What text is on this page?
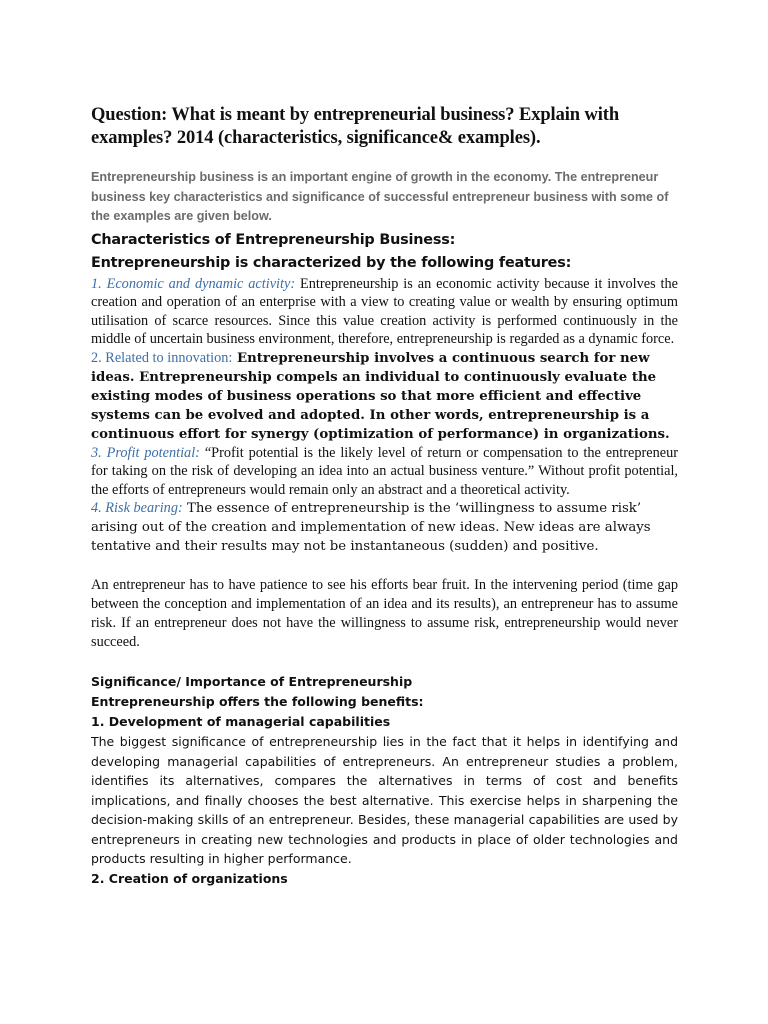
Question: What is meant by entrepreneurial business? Explain with examples? 2014 (characteristics, significance& examples).

Entrepreneurship business is an important engine of growth in the economy. The entrepreneur business key characteristics and significance of successful entrepreneur business with some of the examples are given below.

Characteristics of Entrepreneurship Business:

Entrepreneurship is characterized by the following features:

1. Economic and dynamic activity: Entrepreneurship is an economic activity because it involves the creation and operation of an enterprise with a view to creating value or wealth by ensuring optimum utilisation of scarce resources. Since this value creation activity is performed continuously in the middle of uncertain business environment, therefore, entrepreneurship is regarded as a dynamic force.

2. Related to innovation: Entrepreneurship involves a continuous search for new ideas. Entrepreneurship compels an individual to continuously evaluate the existing modes of business operations so that more efficient and effective systems can be evolved and adopted. In other words, entrepreneurship is a continuous effort for synergy (optimization of performance) in organizations.

3. Profit potential: “Profit potential is the likely level of return or compensation to the entrepreneur for taking on the risk of developing an idea into an actual business venture.” Without profit potential, the efforts of entrepreneurs would remain only an abstract and a theoretical activity.

4. Risk bearing: The essence of entrepreneurship is the ‘willingness to assume risk’ arising out of the creation and implementation of new ideas. New ideas are always tentative and their results may not be instantaneous (sudden) and positive.

An entrepreneur has to have patience to see his efforts bear fruit. In the intervening period (time gap between the conception and implementation of an idea and its results), an entrepreneur has to assume risk. If an entrepreneur does not have the willingness to assume risk, entrepreneurship would never succeed.

Significance/ Importance of Entrepreneurship

Entrepreneurship offers the following benefits:

1. Development of managerial capabilities

The biggest significance of entrepreneurship lies in the fact that it helps in identifying and developing managerial capabilities of entrepreneurs. An entrepreneur studies a problem, identifies its alternatives, compares the alternatives in terms of cost and benefits implications, and finally chooses the best alternative. This exercise helps in sharpening the decision-making skills of an entrepreneur. Besides, these managerial capabilities are used by entrepreneurs in creating new technologies and products in place of older technologies and products resulting in higher performance.

2. Creation of organizations
